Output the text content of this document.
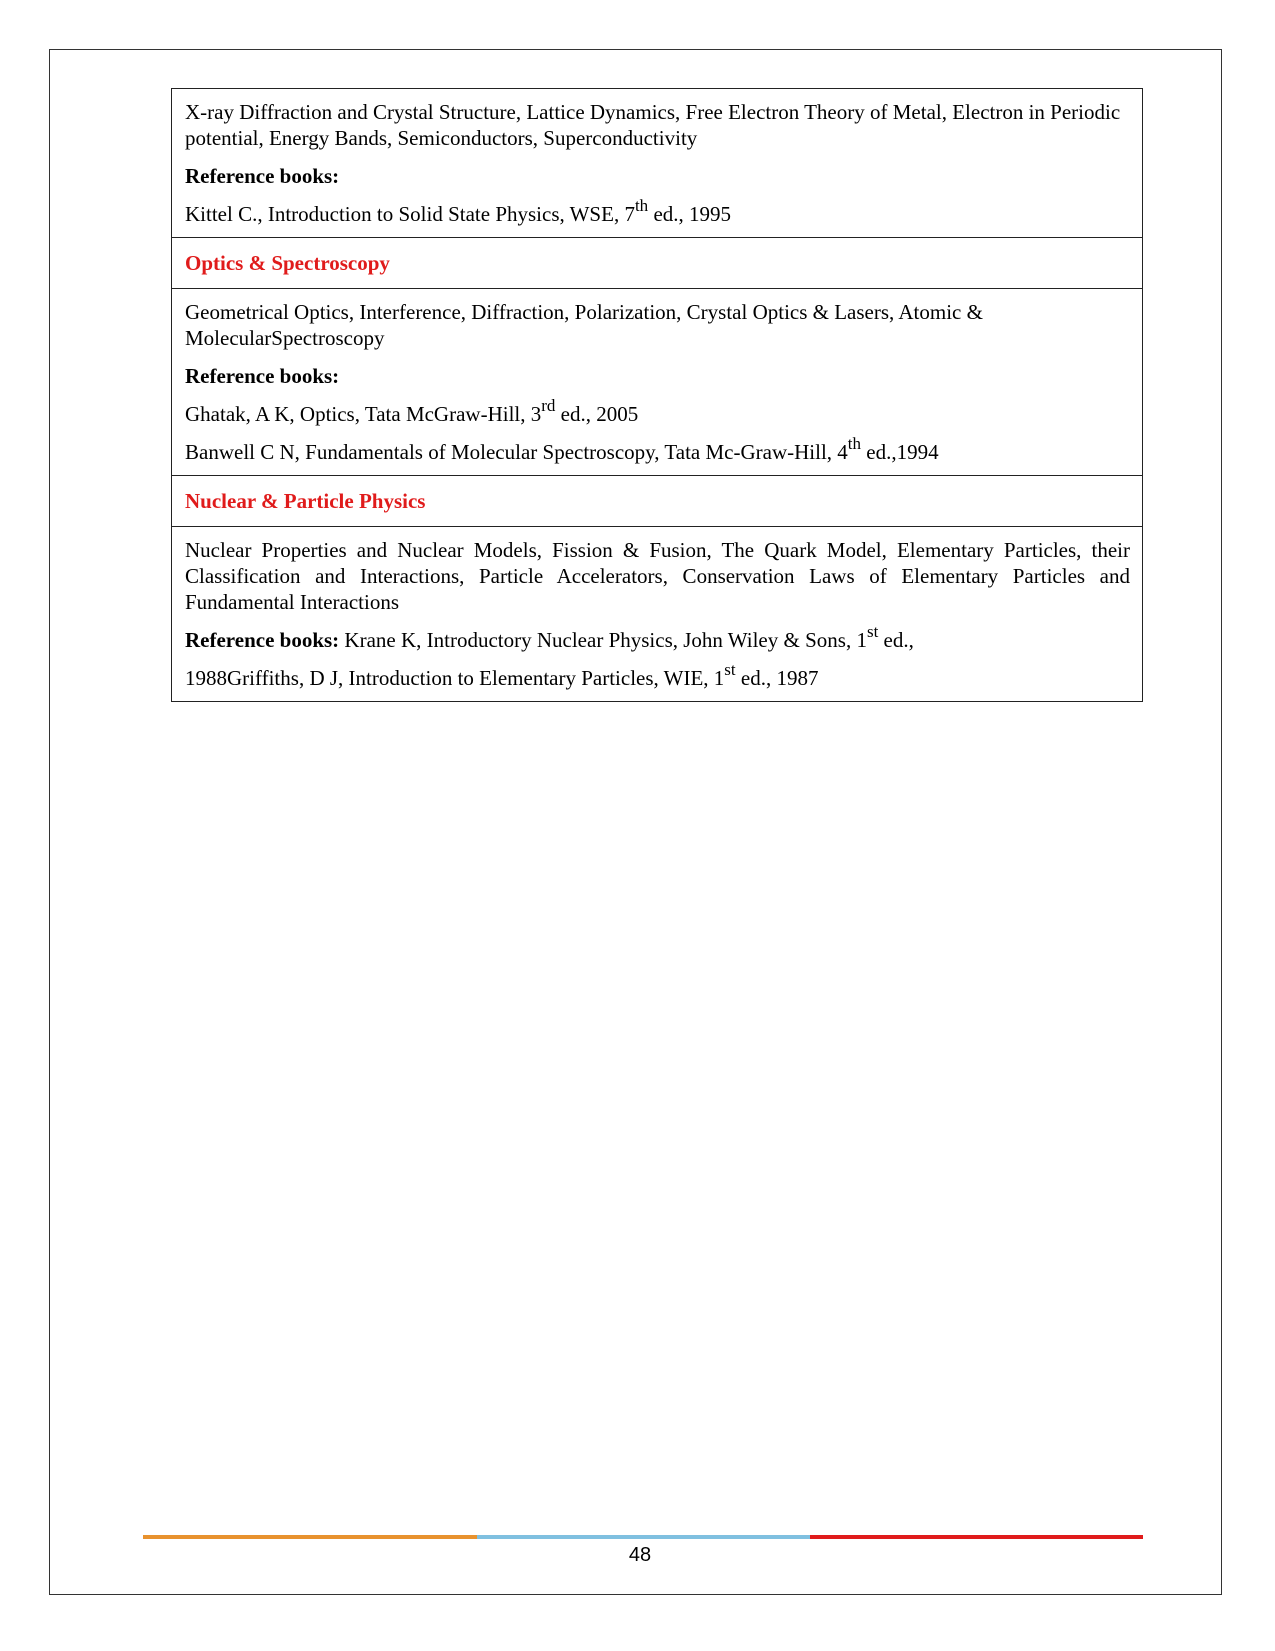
X-ray Diffraction and Crystal Structure, Lattice Dynamics, Free Electron Theory of Metal, Electron in Periodic potential, Energy Bands, Semiconductors, Superconductivity

Reference books:

Kittel C., Introduction to Solid State Physics, WSE, 7th ed., 1995

Optics & Spectroscopy

Geometrical Optics, Interference, Diffraction, Polarization, Crystal Optics & Lasers, Atomic & MolecularSpectroscopy

Reference books:

Ghatak, A K, Optics, Tata McGraw-Hill, 3rd ed., 2005

Banwell C N, Fundamentals of Molecular Spectroscopy, Tata Mc-Graw-Hill, 4th ed.,1994

Nuclear & Particle Physics

Nuclear Properties and Nuclear Models, Fission & Fusion, The Quark Model, Elementary Particles, their Classification and Interactions, Particle Accelerators, Conservation Laws of Elementary Particles and Fundamental Interactions

Reference books: Krane K, Introductory Nuclear Physics, John Wiley & Sons, 1st ed.,

1988Griffiths, D J, Introduction to Elementary Particles, WIE, 1st ed., 1987

48
